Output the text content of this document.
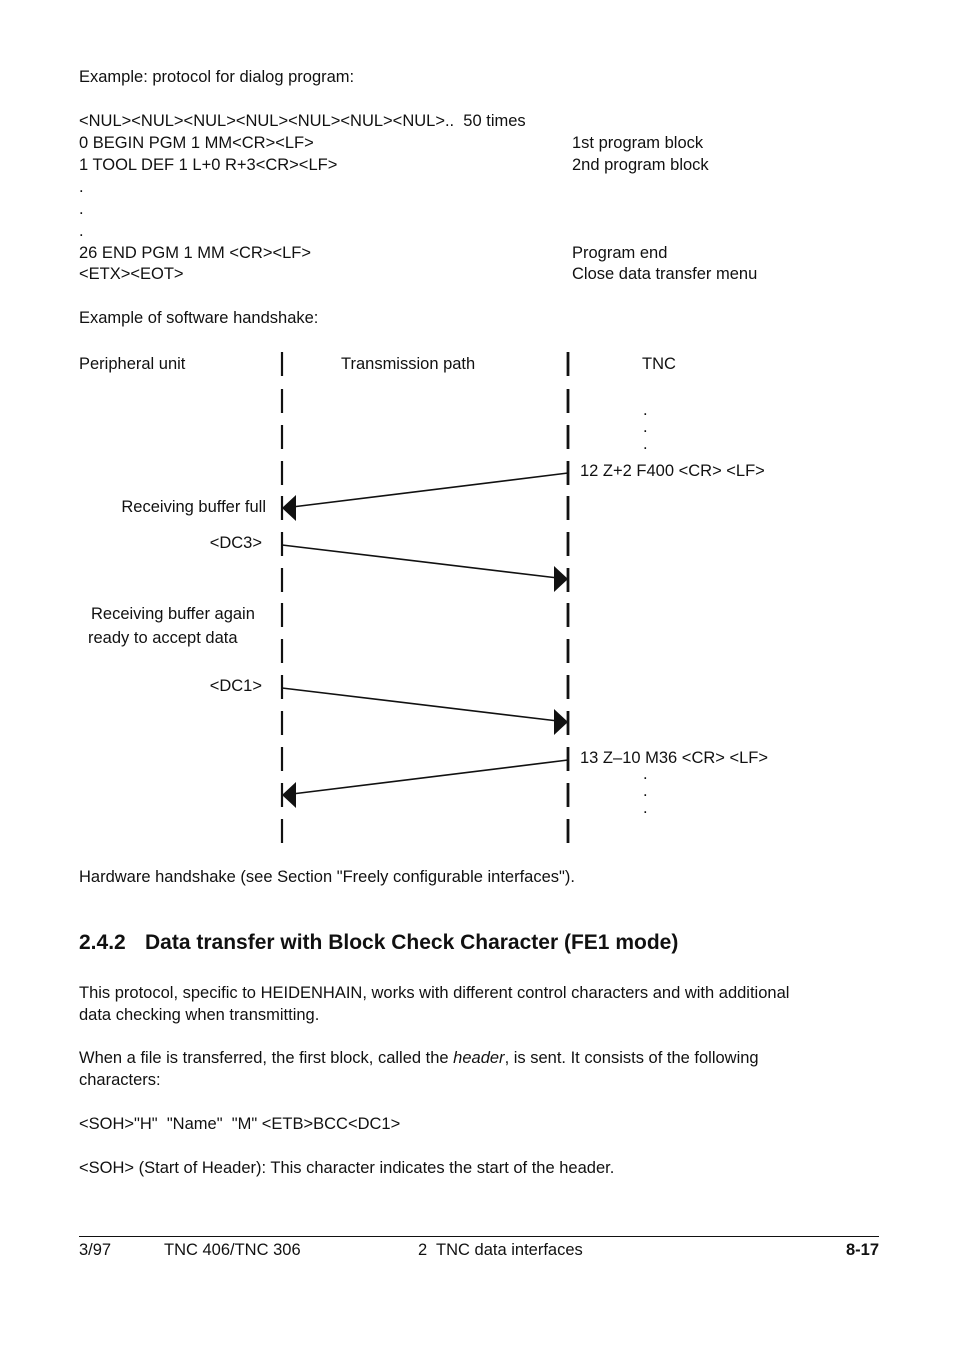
Example: protocol for dialog program:
<NUL><NUL><NUL><NUL><NUL><NUL><NUL>..  50 times
0 BEGIN PGM 1 MM<CR><LF>	1st program block
1 TOOL DEF 1 L+0 R+3<CR><LF>	2nd program block
.
.
.
26 END PGM 1 MM <CR><LF>	Program end
<ETX><EOT>	Close data transfer menu
Example of software handshake:
Peripheral unit	Transmission path	TNC
.
.
.
12 Z+2 F400 <CR> <LF>
Receiving buffer full
<DC3>
Receiving buffer again
ready to accept data
<DC1>
13 Z–10 M36 <CR> <LF>
.
.
.
Hardware handshake (see Section "Freely configurable interfaces").
2.4.2 Data transfer with Block Check Character (FE1 mode)
This protocol, specific to HEIDENHAIN, works with different control characters and with additional
data checking when transmitting.
When a file is transferred, the first block, called the header, is sent. It consists of the following
characters:
<SOH>"H"  "Name"  "M" <ETB>BCC<DC1>
<SOH> (Start of Header): This character indicates the start of the header.
3/97	TNC 406/TNC 306	2  TNC data interfaces	8-17
